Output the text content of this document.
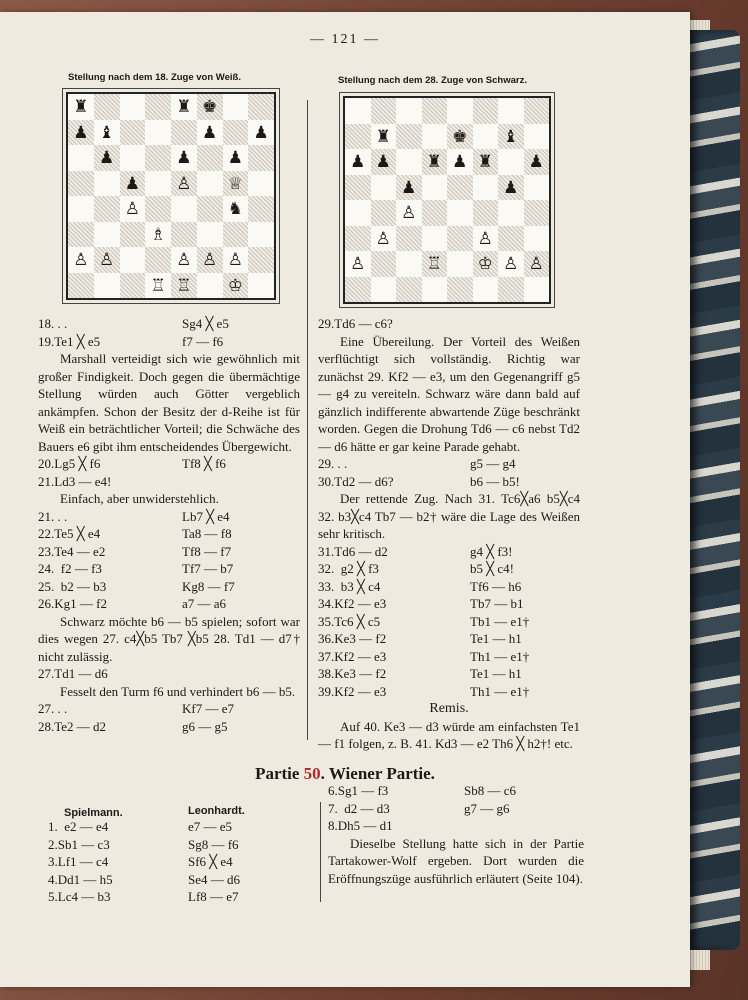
— 121 —
Stellung nach dem 18. Zuge von Weiß.	Stellung nach dem 28. Zuge von Schwarz.
♜	♜ ♚
♟ ♝	♟	♟
♟	♟	♟
♟	♙	♕
♙	♞
♗
♙ ♙	♙ ♙ ♙
♖ ♖	♔
♜	♚	♝
♟ ♟	♜ ♟ ♜	♟
♟	♟
♙
♙	♙
♙	♖	♔ ♙ ♙
18. . .	Sg4 ╳ e5
19.Te1 ╳ e5	f7 — f6
Marshall verteidigt sich wie gewöhnlich mit großer Findigkeit. Doch gegen die übermächtige Stellung würden auch Götter vergeblich ankämpfen. Schon der Besitz der d-Reihe ist für Weiß ein beträchtlicher Vorteil; die Schwäche des Bauers e6 gibt ihm entscheidendes Übergewicht.
20.Lg5 ╳ f6	Tf8 ╳ f6
21.Ld3 — e4!
Einfach, aber unwiderstehlich.
21. . .	Lb7 ╳ e4
22.Te5 ╳ e4	Ta8 — f8
23.Te4 — e2	Tf8 — f7
24.  f2 — f3	Tf7 — b7
25.  b2 — b3	Kg8 — f7
26.Kg1 — f2	a7 — a6
Schwarz möchte b6 — b5 spielen; sofort war dies wegen 27. c4╳b5 Tb7 ╳b5 28. Td1 — d7† nicht zulässig.
27.Td1 — d6
Fesselt den Turm f6 und verhindert b6 — b5.
27. . .	Kf7 — e7
28.Te2 — d2	g6 — g5
29.Td6 — c6?
Eine Übereilung. Der Vorteil des Weißen verflüchtigt sich vollständig. Richtig war zunächst 29. Kf2 — e3, um den Gegenangriff g5 — g4 zu vereiteln. Schwarz wäre dann bald auf gänzlich indifferente abwartende Züge beschränkt worden. Gegen die Drohung Td6 — c6 nebst Td2 — d6 hätte er gar keine Parade gehabt.
29. . .	g5 — g4
30.Td2 — d6?	b6 — b5!
Der rettende Zug. Nach 31. Tc6╳a6 b5╳c4 32. b3╳c4 Tb7 — b2† wäre die Lage des Weißen sehr kritisch.
31.Td6 — d2	g4 ╳ f3!
32.  g2 ╳ f3	b5 ╳ c4!
33.  b3 ╳ c4	Tf6 — h6
34.Kf2 — e3	Tb7 — b1
35.Tc6 ╳ c5	Tb1 — e1†
36.Ke3 — f2	Te1 — h1
37.Kf2 — e3	Th1 — e1†
38.Ke3 — f2	Te1 — h1
39.Kf2 — e3	Th1 — e1†
Remis.
Auf 40. Ke3 — d3 würde am einfachsten Te1 — f1 folgen, z. B. 41. Kd3 — e2 Th6 ╳ h2†! etc.
Partie 50. Wiener Partie.
Spielmann.	Leonhardt.
1.  e2 — e4	e7 — e5
2.Sb1 — c3	Sg8 — f6
3.Lf1 — c4	Sf6 ╳ e4
4.Dd1 — h5	Se4 — d6
5.Lc4 — b3	Lf8 — e7
6.Sg1 — f3	Sb8 — c6
7.  d2 — d3	g7 — g6
8.Dh5 — d1
Dieselbe Stellung hatte sich in der Partie Tartakower-Wolf ergeben. Dort wurden die Eröffnungszüge ausführlich erläutert (Seite 104).
